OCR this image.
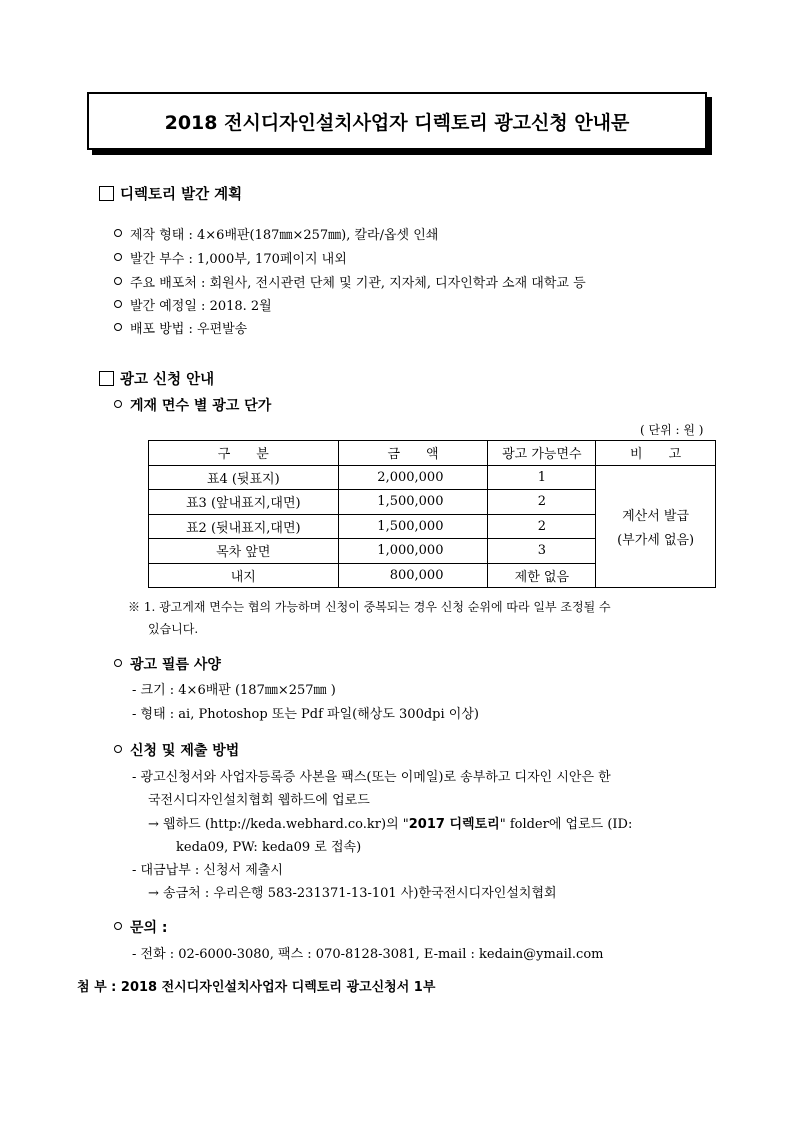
2018 전시디자인설치사업자 디렉토리 광고신청 안내문
디렉토리 발간 계획
제작 형태 : 4×6배판(187㎜×257㎜), 칼라/옵셋 인쇄
발간 부수 : 1,000부, 170페이지 내외
주요 배포처 : 회원사, 전시관련 단체 및 기관, 지자체, 디자인학과 소재 대학교 등
발간 예정일 : 2018. 2월
배포 방법 : 우편발송
광고 신청 안내
게재 면수 별 광고 단가
( 단위 : 원 )
구　　분	금　　액	광고 가능면수	비　　고
표4 (뒷표지)	2,000,000	1	계산서 발급
(부가세 없음)

표3 (앞내표지,대면)	1,500,000	2	
표2 (뒷내표지,대면)	1,500,000	2	
목차 앞면	1,000,000	3	
내지	800,000	제한 없음	
※ 1. 광고게재 면수는 협의 가능하며 신청이 중복되는 경우 신청 순위에 따라 일부 조정될 수
있습니다.
광고 필름 사양
- 크기 : 4×6배판 (187㎜×257㎜ )
- 형태 : ai, Photoshop 또는 Pdf 파일(해상도 300dpi 이상)
신청 및 제출 방법
- 광고신청서와 사업자등록증 사본을 팩스(또는 이메일)로 송부하고 디자인 시안은 한
국전시디자인설치협회 웹하드에 업로드
→ 웹하드 (http://keda.webhard.co.kr)의 "2017 디렉토리" folder에 업로드 (ID:
keda09, PW: keda09 로 접속)
- 대금납부 : 신청서 제출시
→ 송금처 : 우리은행 583-231371-13-101 사)한국전시디자인설치협회
문의 :
- 전화 : 02-6000-3080, 팩스 : 070-8128-3081, E-mail : kedain@ymail.com
첨 부 : 2018 전시디자인설치사업자 디렉토리 광고신청서 1부
